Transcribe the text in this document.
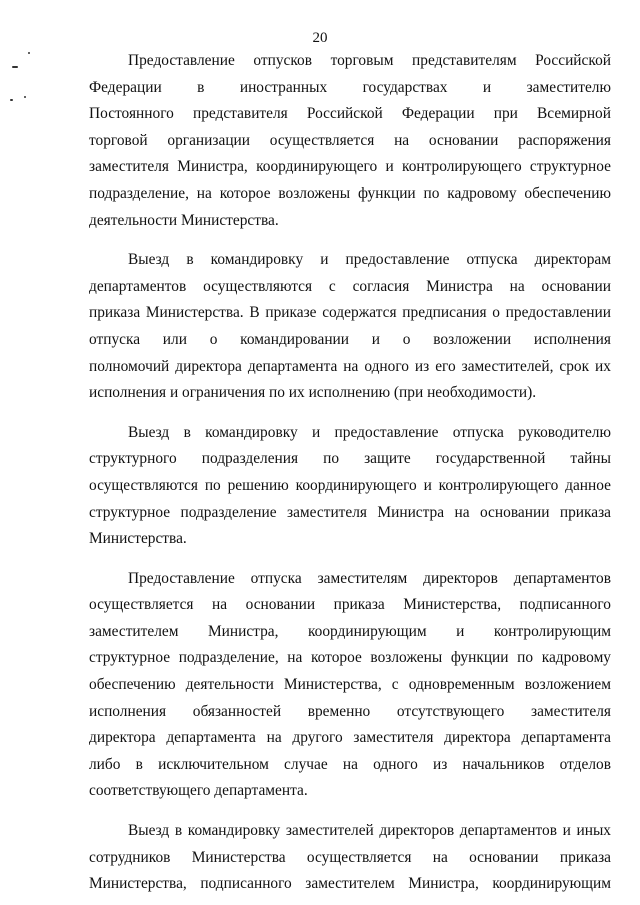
20
Предоставление отпусков торговым представителям Российской
Федерации в иностранных государствах и заместителю
Постоянного представителя Российской Федерации при Всемирной
торговой организации осуществляется на основании распоряжения
заместителя Министра, координирующего и контролирующего структурное
подразделение, на которое возложены функции по кадровому обеспечению
деятельности Министерства.
Выезд в командировку и предоставление отпуска директорам
департаментов осуществляются с согласия Министра на основании
приказа Министерства. В приказе содержатся предписания о предоставлении
отпуска или о командировании и о возложении исполнения
полномочий директора департамента на одного из его заместителей, срок их
исполнения и ограничения по их исполнению (при необходимости).
Выезд в командировку и предоставление отпуска руководителю
структурного подразделения по защите государственной тайны
осуществляются по решению координирующего и контролирующего данное
структурное подразделение заместителя Министра на основании приказа
Министерства.
Предоставление отпуска заместителям директоров департаментов
осуществляется на основании приказа Министерства, подписанного
заместителем Министра, координирующим и контролирующим
структурное подразделение, на которое возложены функции по кадровому
обеспечению деятельности Министерства, с одновременным возложением
исполнения обязанностей временно отсутствующего заместителя
директора департамента на другого заместителя директора департамента
либо в исключительном случае на одного из начальников отделов
соответствующего департамента.
Выезд в командировку заместителей директоров департаментов и иных
сотрудников Министерства осуществляется на основании приказа
Министерства, подписанного заместителем Министра, координирующим
